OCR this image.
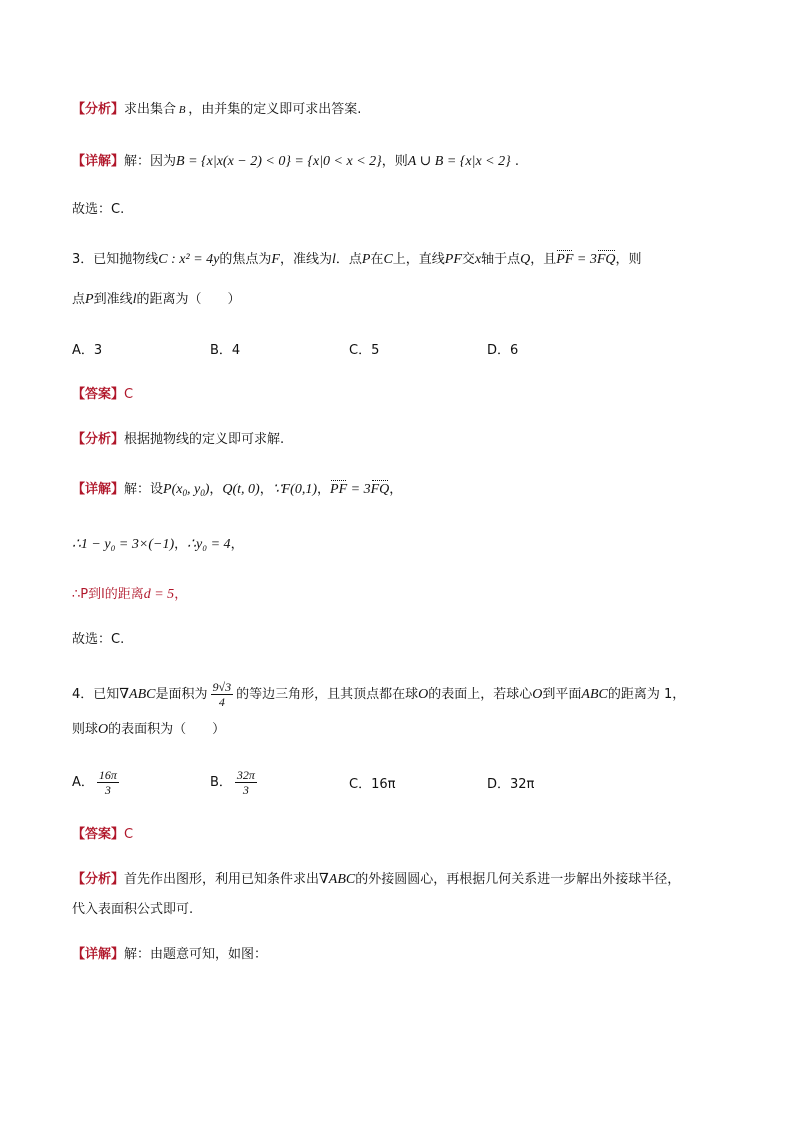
【分析】求出集合 B ，由并集的定义即可求出答案.
【详解】解：因为B = {x|x(x − 2) < 0} = {x|0 < x < 2}，则A ∪ B = {x|x < 2} .
故选：C.
3．已知抛物线C : x² = 4y的焦点为F，准线为l．点P在C上，直线PF交x轴于点Q，且PF = 3FQ，则
点P到准线l的距离为（　　）
A．3	B．4	C．5	D．6
【答案】C
【分析】根据抛物线的定义即可求解.
【详解】解：设$P(x_0$, $y_0$)，Q(t, 0)，∵F(0,1)，PF = 3FQ，
∴1 − y₀ = 3×(−1)，∴y₀ = 4，
∴P到l的距离d = 5，
故选：C.
4．已知∇ABC是面积为 $\frac{9√3}{4}$ 的等边三角形，且其顶点都在球O的表面上，若球心O到平面ABC的距离为 1，
则球O的表面积为（　　）
A． $\frac{16\pi}{3}$	B． $\frac{32\pi}{3}$	C．16π	D．32π
【答案】C
【分析】首先作出图形，利用已知条件求出∇ABC的外接圆圆心，再根据几何关系进一步解出外接球半径，
代入表面积公式即可.
【详解】解：由题意可知，如图：
